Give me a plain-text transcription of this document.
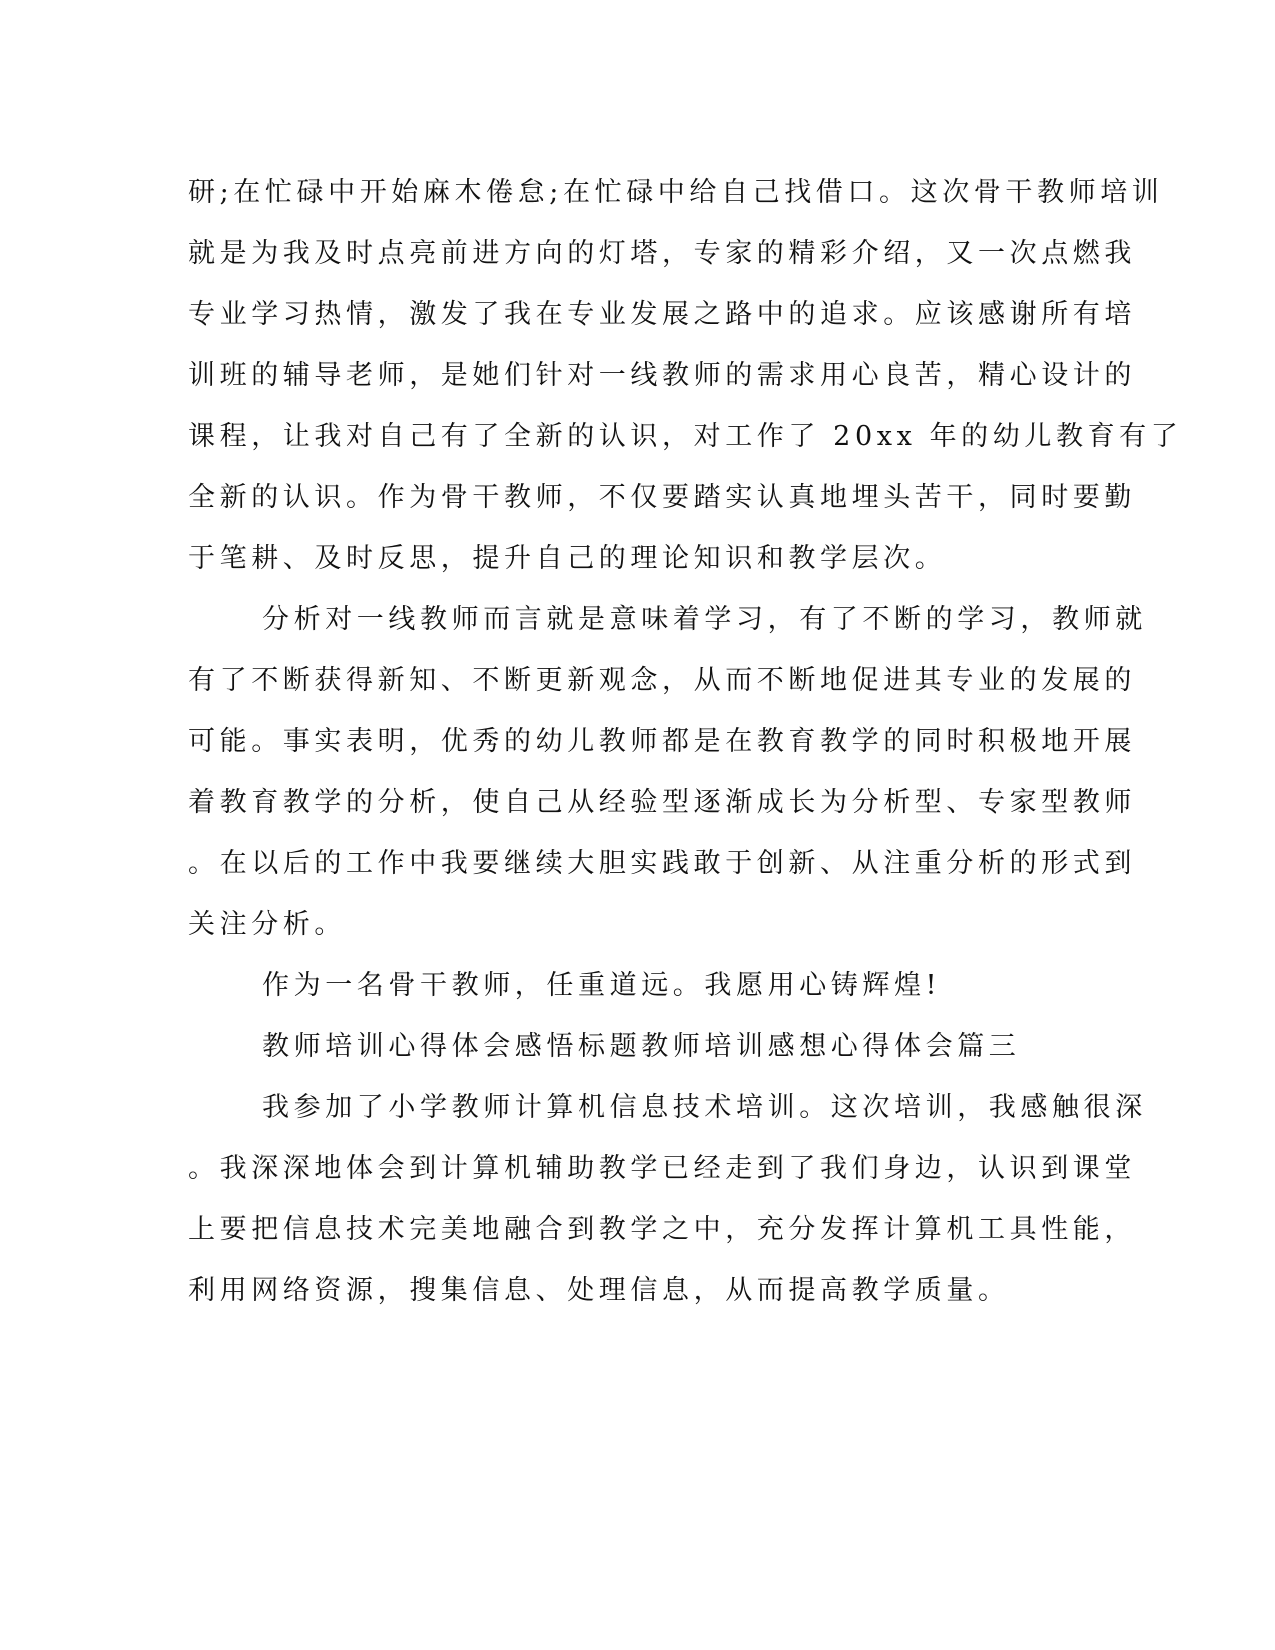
研;在忙碌中开始麻木倦怠;在忙碌中给自己找借口。这次骨干教师培训
就是为我及时点亮前进方向的灯塔，专家的精彩介绍，又一次点燃我
专业学习热情，激发了我在专业发展之路中的追求。应该感谢所有培
训班的辅导老师，是她们针对一线教师的需求用心良苦，精心设计的
课程，让我对自己有了全新的认识，对工作了 20xx 年的幼儿教育有了
全新的认识。作为骨干教师，不仅要踏实认真地埋头苦干，同时要勤
于笔耕、及时反思，提升自己的理论知识和教学层次。
分析对一线教师而言就是意味着学习，有了不断的学习，教师就
有了不断获得新知、不断更新观念，从而不断地促进其专业的发展的
可能。事实表明，优秀的幼儿教师都是在教育教学的同时积极地开展
着教育教学的分析，使自己从经验型逐渐成长为分析型、专家型教师
。在以后的工作中我要继续大胆实践敢于创新、从注重分析的形式到
关注分析。
作为一名骨干教师，任重道远。我愿用心铸辉煌!
教师培训心得体会感悟标题教师培训感想心得体会篇三
我参加了小学教师计算机信息技术培训。这次培训，我感触很深
。我深深地体会到计算机辅助教学已经走到了我们身边，认识到课堂
上要把信息技术完美地融合到教学之中，充分发挥计算机工具性能，
利用网络资源，搜集信息、处理信息，从而提高教学质量。
